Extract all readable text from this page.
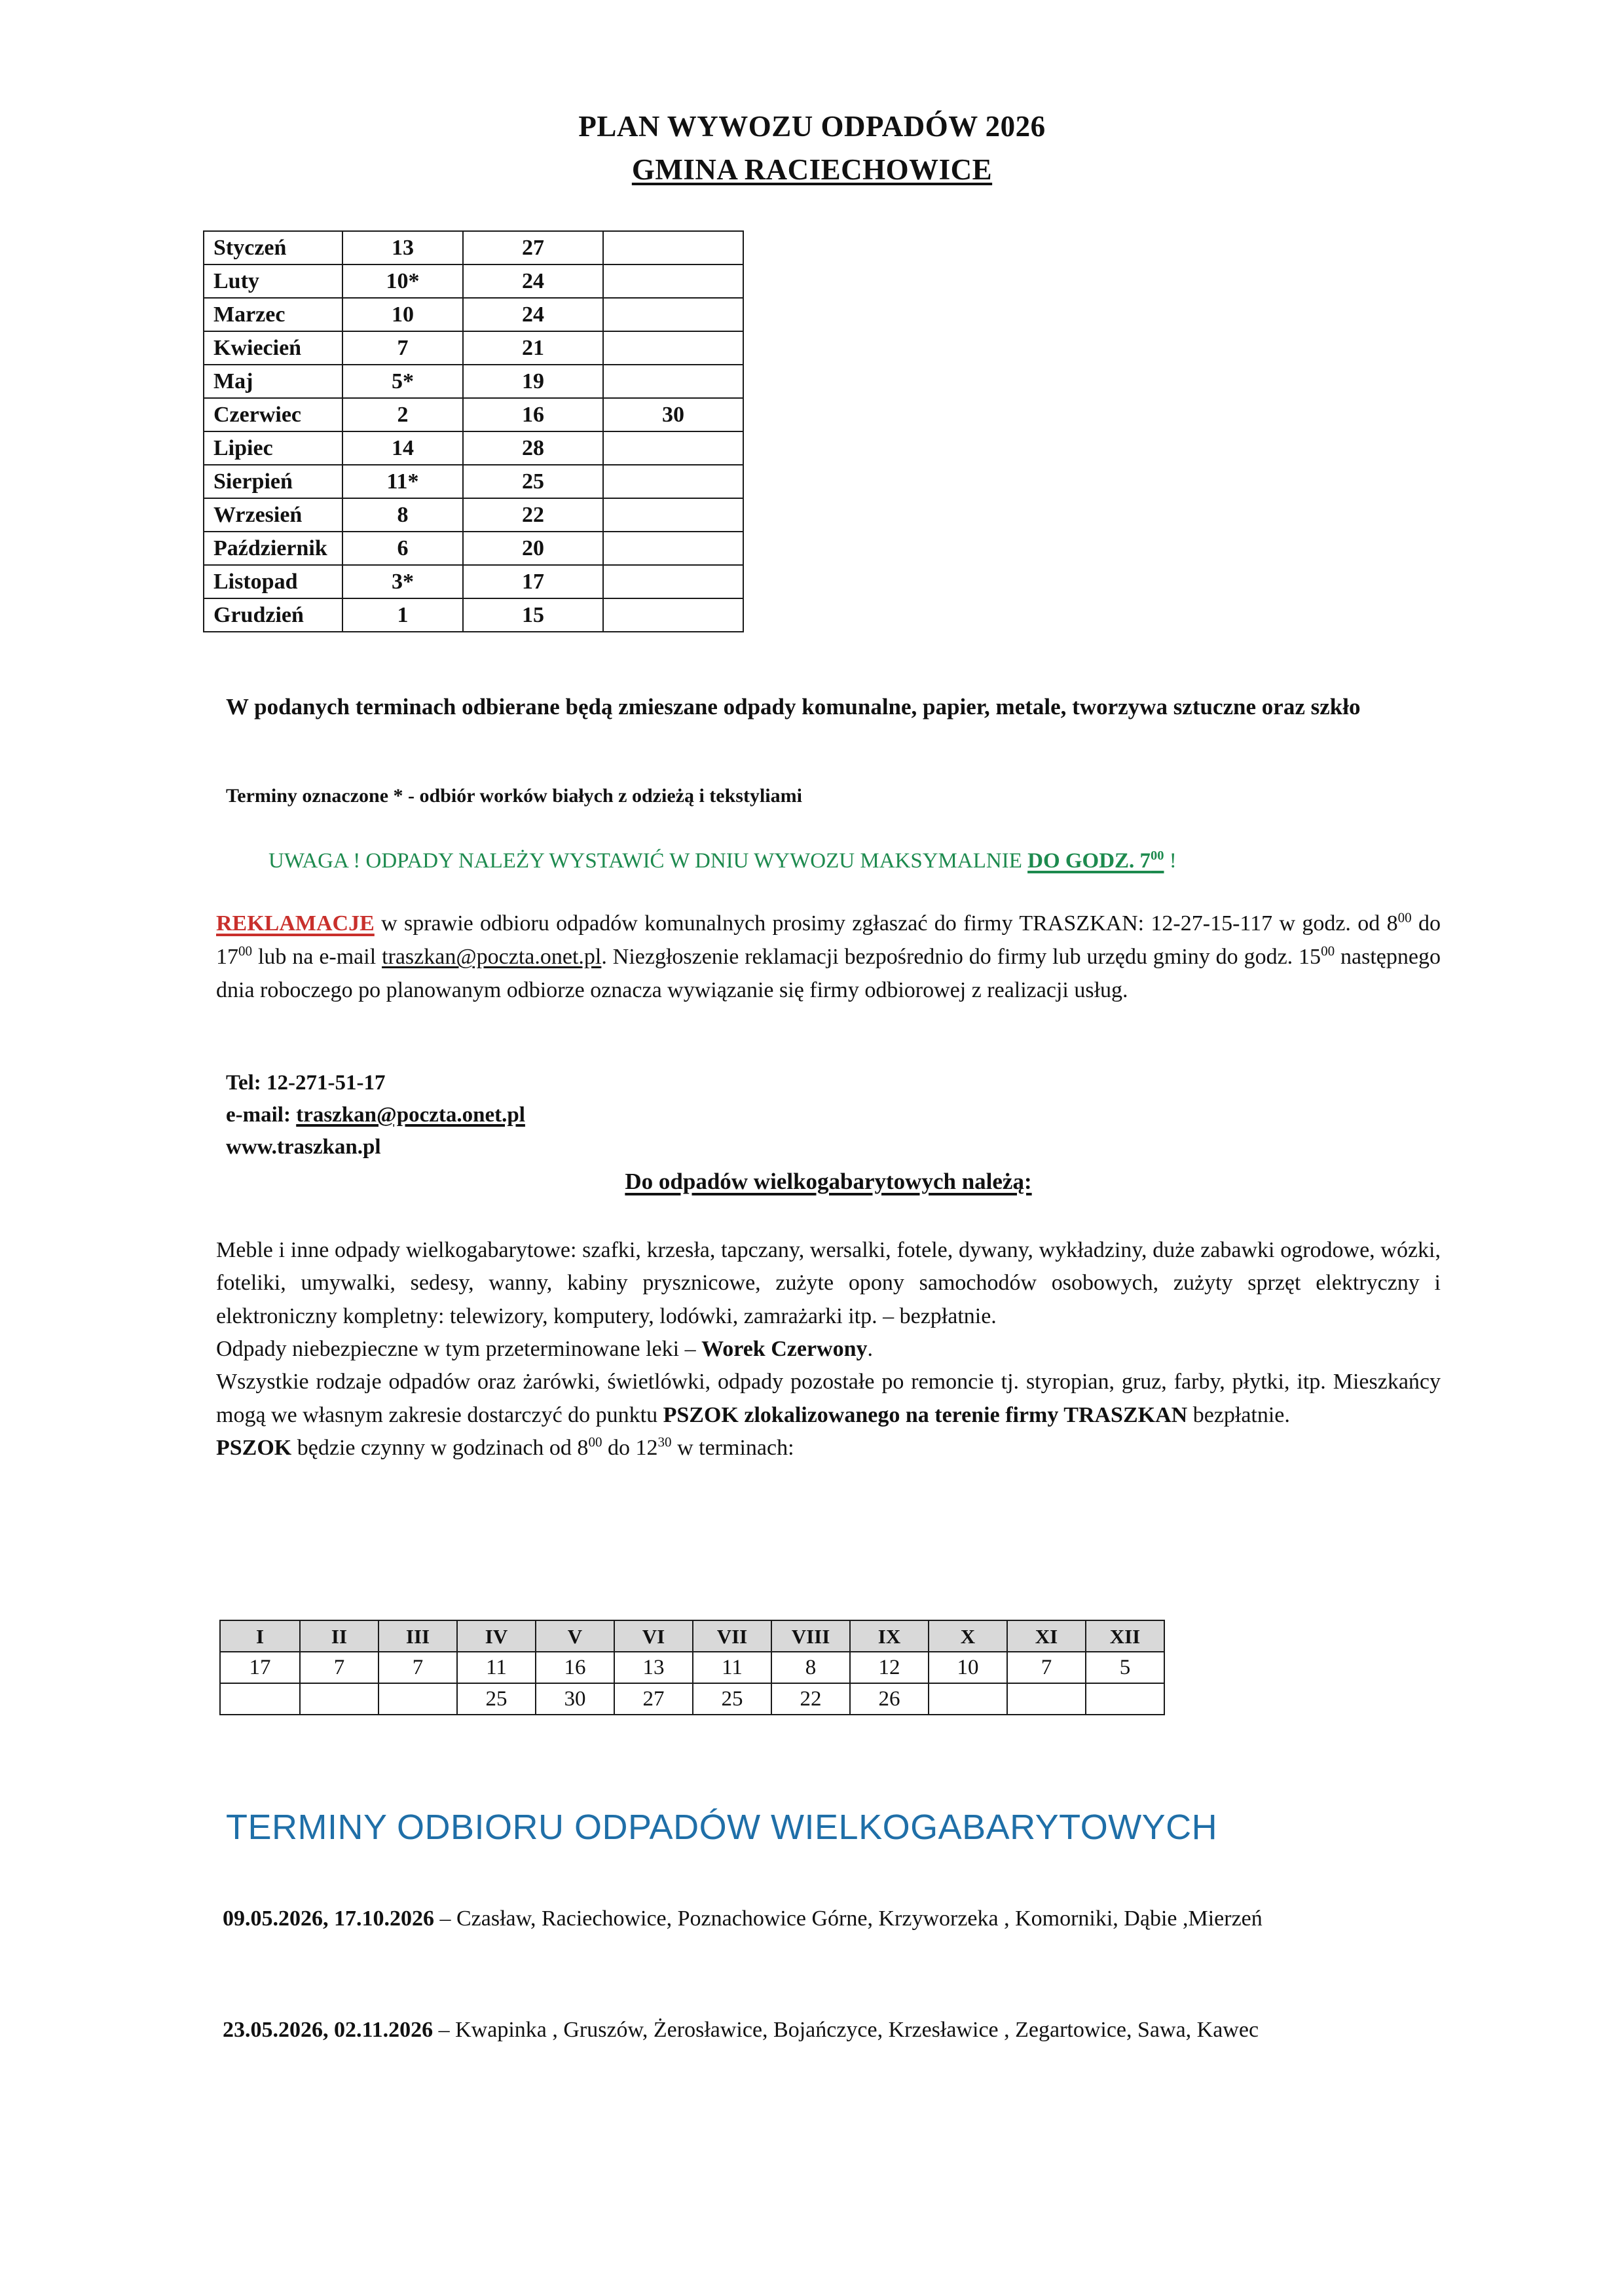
PLAN WYWOZU ODPADÓW 2026
GMINA RACIECHOWICE
Styczeń	13	27	
Luty	10*	24	
Marzec	10	24	
Kwiecień	7	21	
Maj	5*	19	
Czerwiec	2	16	30
Lipiec	14	28	
Sierpień	11*	25	
Wrzesień	8	22	
Październik	6	20	
Listopad	3*	17	
Grudzień	1	15	
W podanych terminach odbierane będą zmieszane odpady komunalne, papier, metale, tworzywa sztuczne oraz szkło
Terminy oznaczone * - odbiór worków białych z odzieżą i tekstyliami
UWAGA ! ODPADY NALEŻY WYSTAWIĆ W DNIU WYWOZU MAKSYMALNIE DO GODZ. $7^{00}$ !
REKLAMACJE w sprawie odbioru odpadów komunalnych prosimy zgłaszać do firmy TRASZKAN: 12-27-15-117 w godz. od $8^{00}$ do $17^{00}$ lub na e-mail traszkan@poczta.onet.pl. Niezgłoszenie reklamacji bezpośrednio do firmy lub urzędu gminy do godz. $15^{00}$ następnego dnia roboczego po planowanym odbiorze oznacza wywiązanie się firmy odbiorowej z realizacji usług.
Tel: 12-271-51-17
e-mail: traszkan@poczta.onet.pl
www.traszkan.pl
Do odpadów wielkogabarytowych należą:

Meble i inne odpady wielkogabarytowe: szafki, krzesła, tapczany, wersalki, fotele, dywany, wykładziny, duże zabawki ogrodowe, wózki, foteliki, umywalki, sedesy, wanny, kabiny prysznicowe, zużyte opony samochodów osobowych, zużyty sprzęt elektryczny i elektroniczny kompletny: telewizory, komputery, lodówki, zamrażarki itp. – bezpłatnie.

Odpady niebezpieczne w tym przeterminowane leki – Worek Czerwony.

Wszystkie rodzaje odpadów oraz żarówki, świetlówki, odpady pozostałe po remoncie tj. styropian, gruz, farby, płytki, itp. Mieszkańcy mogą we własnym zakresie dostarczyć do punktu PSZOK zlokalizowanego na terenie firmy TRASZKAN bezpłatnie.

PSZOK będzie czynny w godzinach od $8^{00}$ do $12^{30}$ w terminach:

I	II	III	IV	V	VI	VII	VIII	IX	X	XI	XII
17	7	7	11	16	13	11	8	12	10	7	5
			25	30	27	25	22	26			
TERMINY ODBIORU ODPADÓW WIELKOGABARYTOWYCH
09.05.2026, 17.10.2026 – Czasław, Raciechowice, Poznachowice Górne, Krzyworzeka , Komorniki, Dąbie ,Mierzeń
23.05.2026, 02.11.2026 – Kwapinka , Gruszów, Żerosławice, Bojańczyce, Krzesławice , Zegartowice, Sawa, Kawec
